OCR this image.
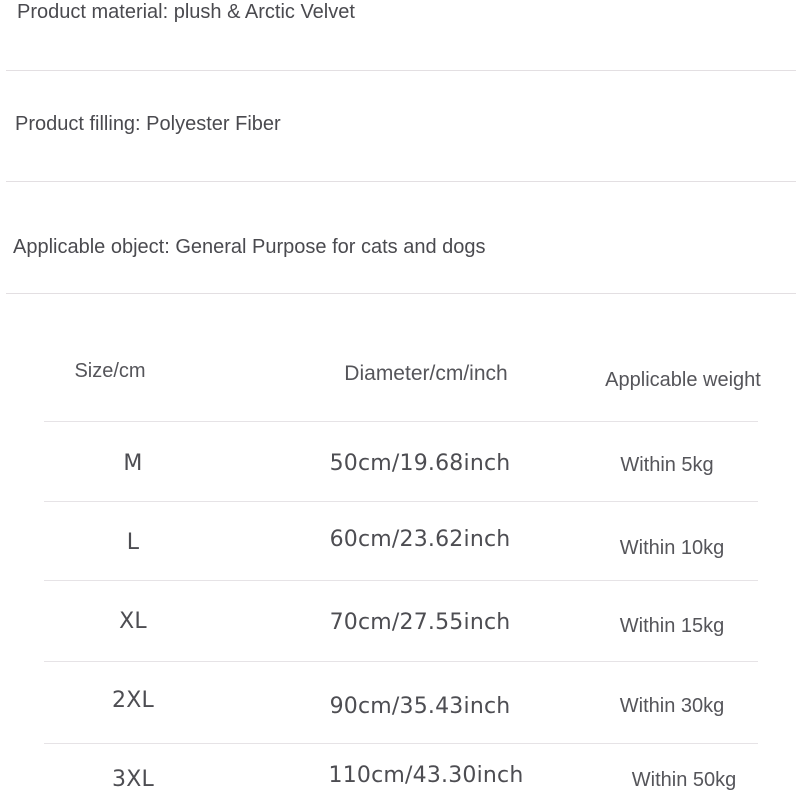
Product material: plush & Arctic Velvet
Product filling: Polyester Fiber
Applicable object: General Purpose for cats and dogs
Size/cm	Diameter/cm/inch	Applicable weight
M	50cm/19.68inch	Within 5kg
L	60cm/23.62inch	Within 10kg
XL	70cm/27.55inch	Within 15kg
2XL	90cm/35.43inch	Within 30kg
3XL	110cm/43.30inch	Within 50kg
